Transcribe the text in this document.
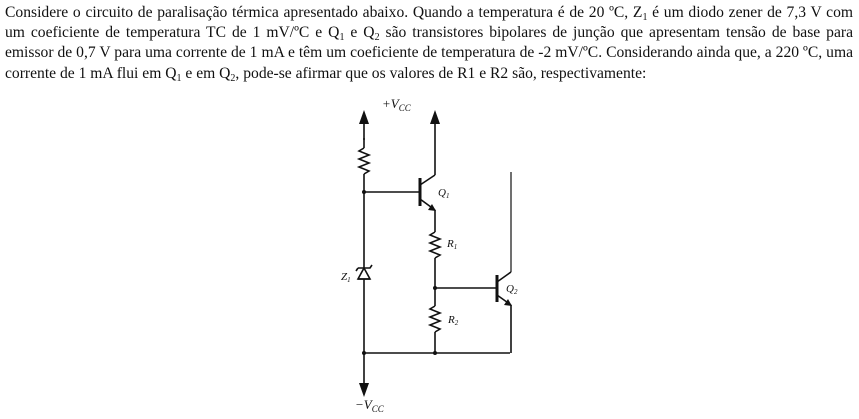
Considere o circuito de paralisação térmica apresentado abaixo. Quando a temperatura é de 20 ºC, $Z_1$ é um diodo zener de 7,3 V com um coeficiente de temperatura TC de 1 mV/ºC e $Q_1$ e $Q_2$ são transistores bipolares de junção que apresentam tensão de base para emissor de 0,7 V para uma corrente de 1 mA e têm um coeficiente de temperatura de -2 mV/ºC. Considerando ainda que, a 220 ºC, uma corrente de 1 mA flui em $Q_1$ e em $Q_2$, pode-se afirmar que os valores de R1 e R2 são, respectivamente:

$+V_{CC}$
Q1
R1
R2
Z1
$-V_{CC}$
Q2
